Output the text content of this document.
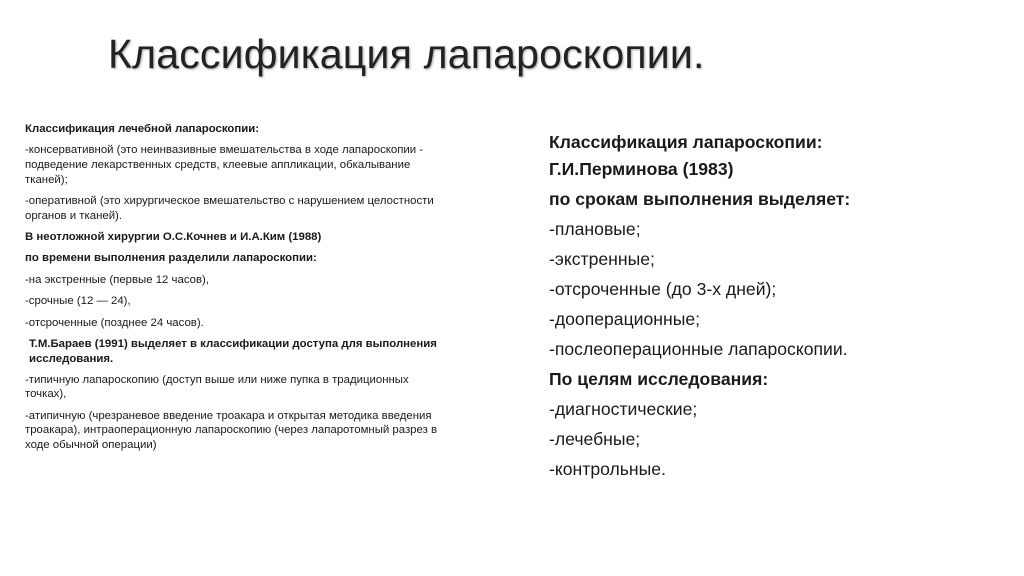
Классификация лапароскопии.

Классификация лечебной лапароскопии:

-консервативной (это неинвазивные вмешательства в ходе лапароскопии - подведение лекарственных средств, клеевые аппликации, обкалывание тканей);

-оперативной (это хирургическое вмешательство с нарушением целостности органов и тканей).

В неотложной хирургии О.С.Кочнев и И.А.Ким (1988)

по времени выполнения разделили лапароскопии:

-на экстренные (первые 12 часов),

-срочные (12 — 24),

-отсроченные (позднее 24 часов).

Т.М.Бараев (1991) выделяет в классификации доступа для выполнения исследования.

-типичную лапароскопию (доступ выше или ниже пупка в традиционных точках),

-атипичную (чрезраневое введение троакара и открытая методика введения троакара), интраоперационную лапароскопию (через лапаротомный разрез в ходе обычной операции)

Классификация лапароскопии:
Г.И.Перминова (1983)
по срокам выполнения выделяет:
-плановые;
-экстренные;
-отсроченные (до 3-х дней);
-дооперационные;
-послеоперационные лапароскопии.
По целям исследования:
-диагностические;
-лечебные;
-контрольные.
